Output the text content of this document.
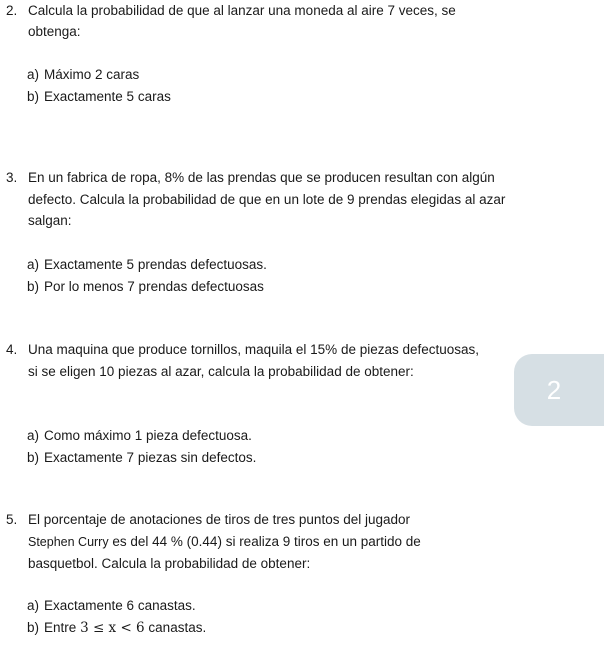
2. Calcula la probabilidad de que al lanzar una moneda al aire 7 veces, se obtenga:
a) Máximo 2 caras
b) Exactamente 5 caras
3. En un fabrica de ropa, 8% de las prendas que se producen resultan con algún defecto. Calcula la probabilidad de que en un lote de 9 prendas elegidas al azar salgan:
a) Exactamente 5 prendas defectuosas.
b) Por lo menos 7 prendas defectuosas
4. Una maquina que produce tornillos, maquila el 15% de piezas defectuosas, si se eligen 10 piezas al azar, calcula la probabilidad de obtener:
a) Como máximo 1 pieza defectuosa.
b) Exactamente 7 piezas sin defectos.
2
5. El porcentaje de anotaciones de tiros de tres puntos del jugador
Stephen Curry es del 44 % (0.44) si realiza 9 tiros en un partido de
basquetbol. Calcula la probabilidad de obtener:
a) Exactamente 6 canastas.
b) Entre 3 ≤ x < 6 canastas.
